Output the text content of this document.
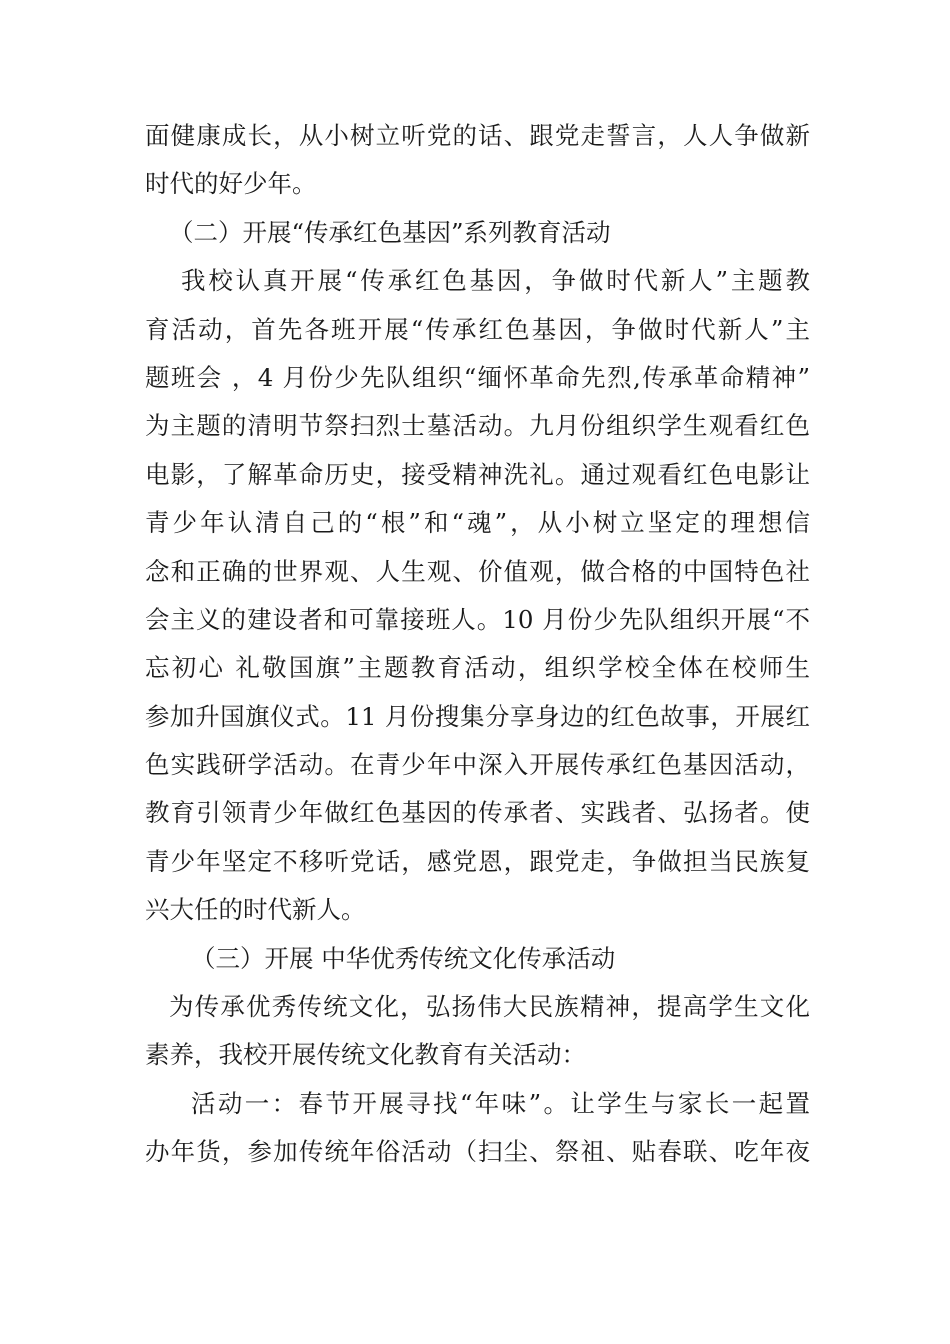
面健康成长，从小树立听党的话、跟党走誓言，人人争做新
时代的好少年。
（二）开展“传承红色基因”系列教育活动
我校认真开展“传承红色基因，争做时代新人”主题教
育活动，首先各班开展“传承红色基因，争做时代新人”主
题班会 ，4 月份少先队组织“缅怀革命先烈,传承革命精神”
为主题的清明节祭扫烈士墓活动。九月份组织学生观看红色
电影，了解革命历史，接受精神洗礼。通过观看红色电影让
青少年认清自己的“根”和“魂”，从小树立坚定的理想信
念和正确的世界观、人生观、价值观，做合格的中国特色社
会主义的建设者和可靠接班人。10 月份少先队组织开展“不
忘初心 礼敬国旗”主题教育活动，组织学校全体在校师生
参加升国旗仪式。11 月份搜集分享身边的红色故事，开展红
色实践研学活动。在青少年中深入开展传承红色基因活动，
教育引领青少年做红色基因的传承者、实践者、弘扬者。使
青少年坚定不移听党话，感党恩，跟党走，争做担当民族复
兴大任的时代新人。
（三）开展 中华优秀传统文化传承活动
为传承优秀传统文化，弘扬伟大民族精神，提高学生文化
素养，我校开展传统文化教育有关活动：
活动一：春节开展寻找“年味”。让学生与家长一起置
办年货，参加传统年俗活动（扫尘、祭祖、贴春联、吃年夜
